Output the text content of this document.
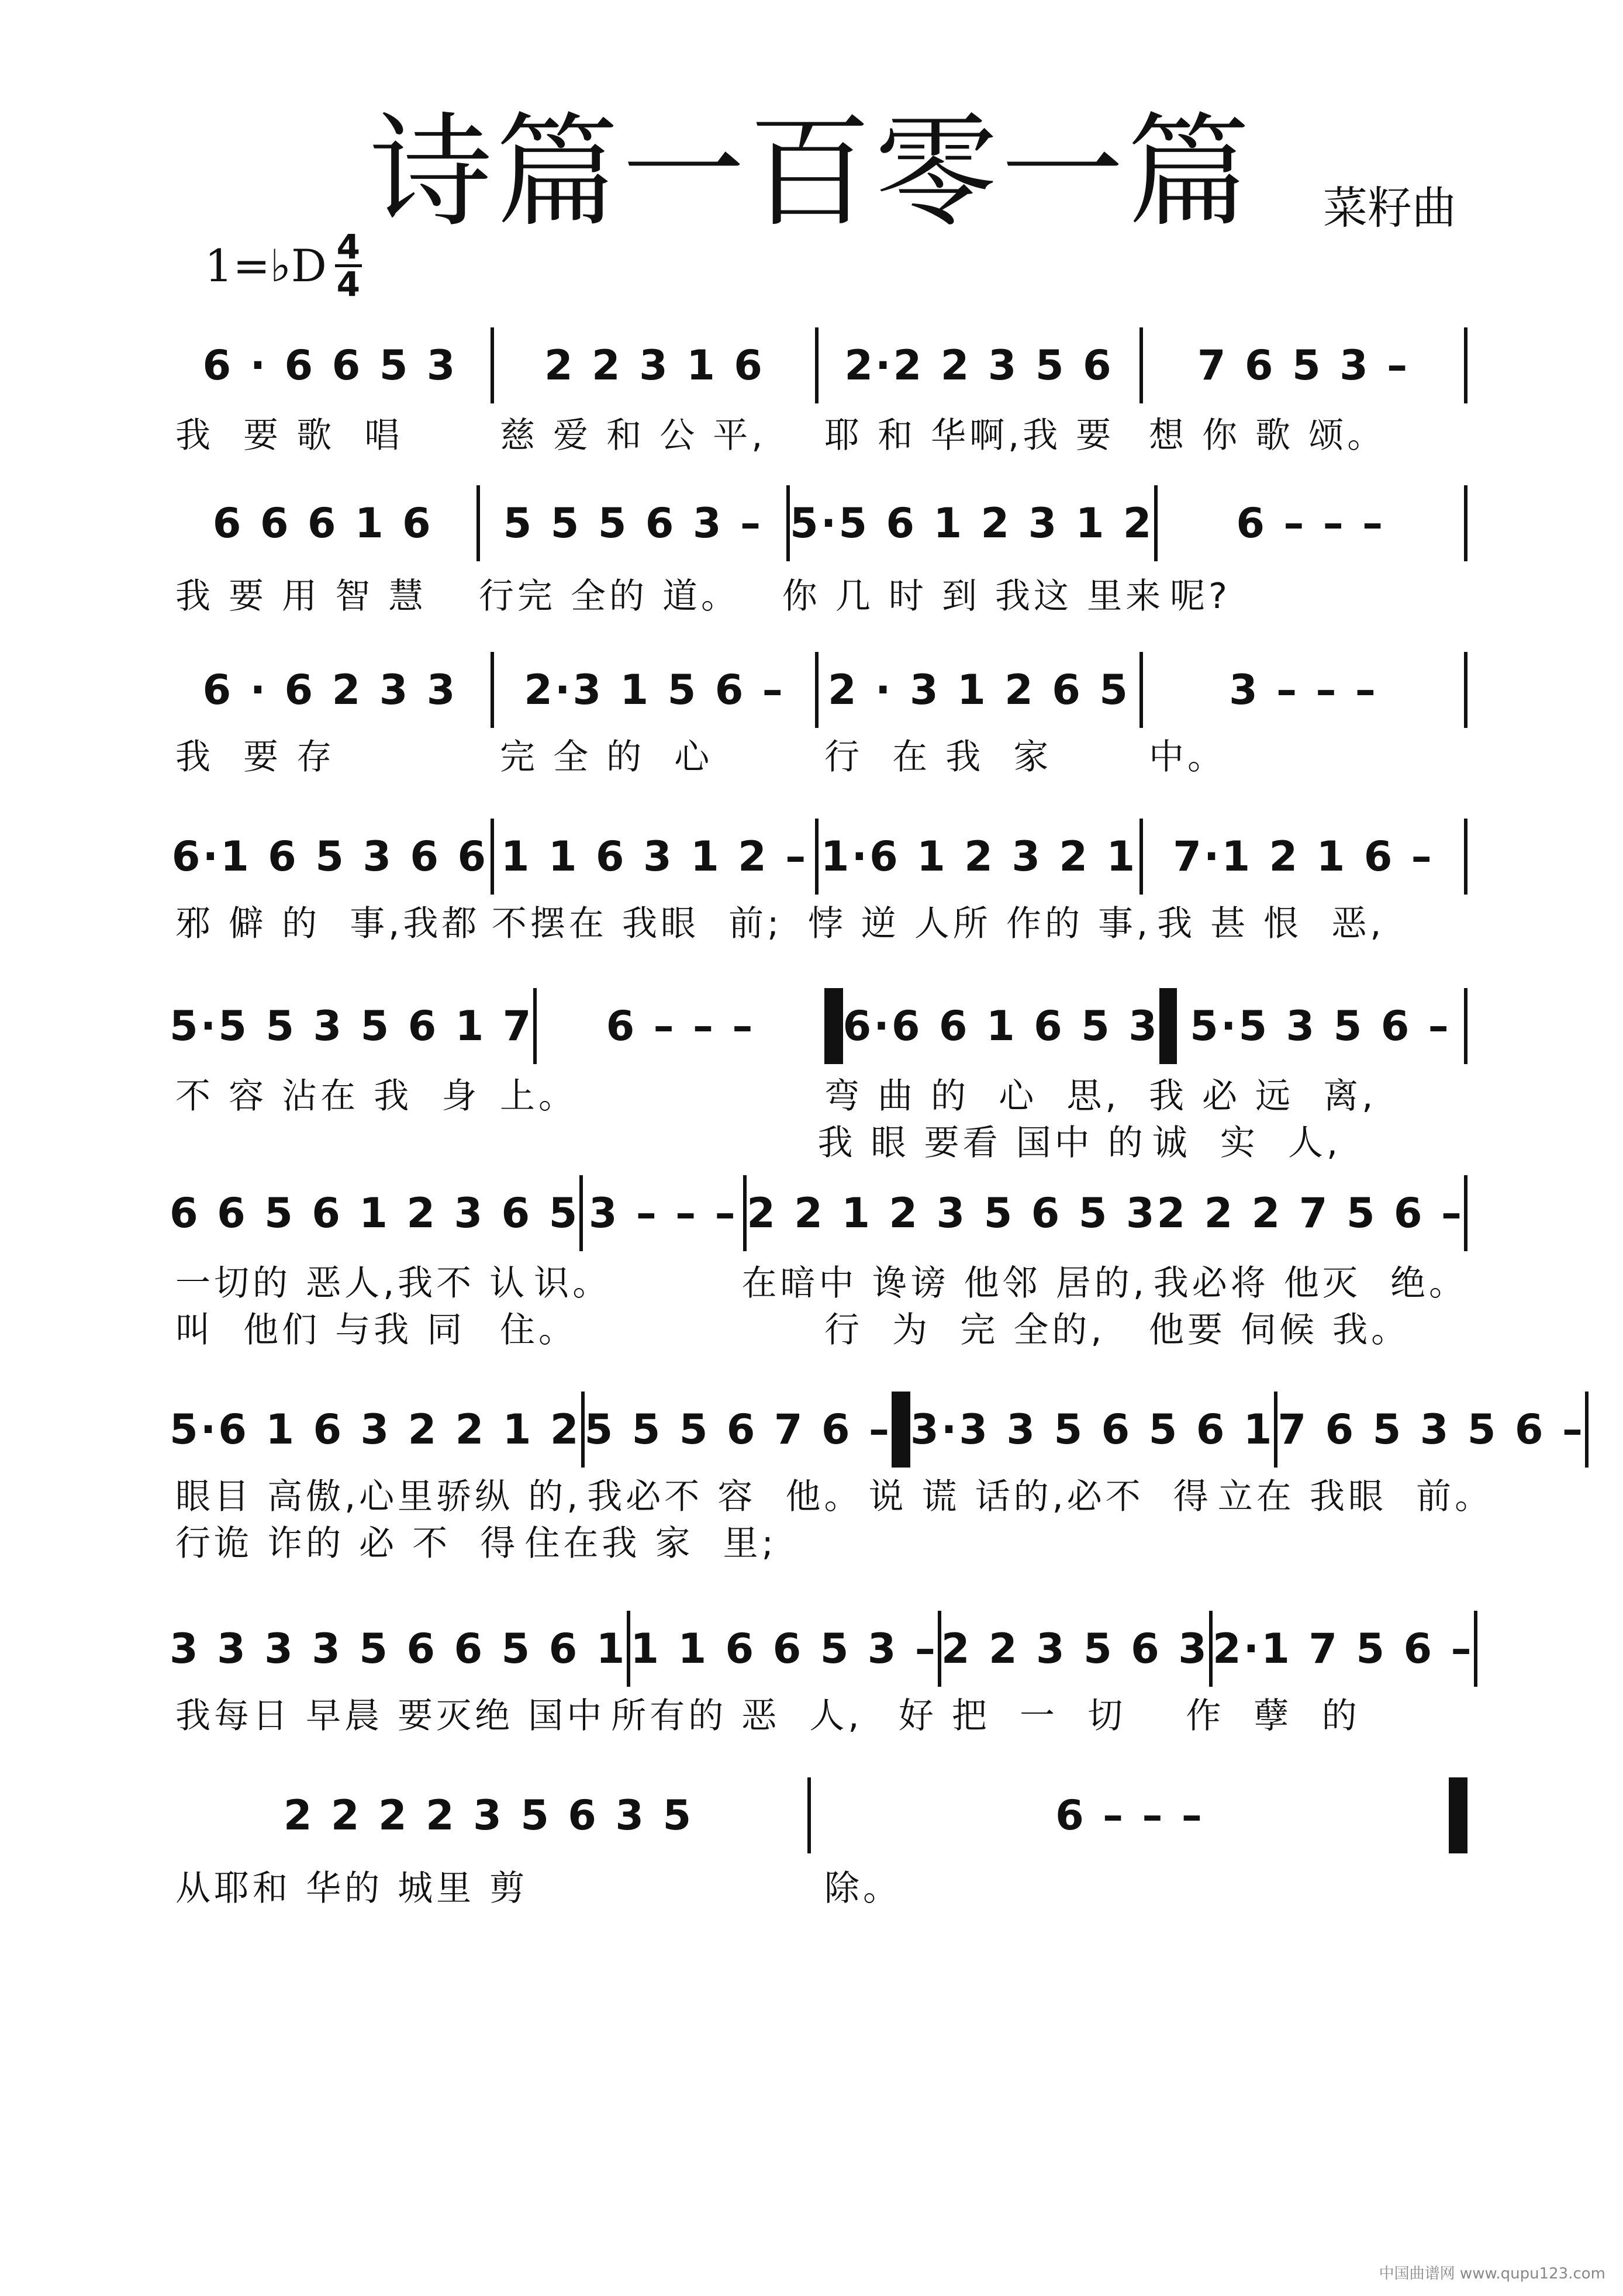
诗篇一百零一篇	菜籽曲
1=♭D 4
4
6 · 6 6 5 3	2 2 3 1 6	2·2 2 3 5 6	7 6 5 3 –
我  要 歌  唱	慈 爱 和 公 平,	耶 和 华啊,我 要 想 你 歌 颂。
6 6 6 1 6	5 5 5 6 3 – 5·5 6 1 2 3 1 2	6 – – –
我 要 用 智 慧	行完 全的 道。	你 几 时 到 我这 里来 呢?
6 · 6 2 3 3	2·3 1 5 6 –	2 · 3 1 2 6 5	3 – – –
我  要 存	完 全 的  心	行  在 我  家	中。
6·1 6 5 3 6 6 1 1 6 3 1 2 – 1·6 1 2 3 2 1 7·1 2 1 6 –
邪 僻 的  事,我都 不摆在 我眼  前; 悖 逆 人所 作的 事, 我 甚 恨  恶,
5·5 5 3 5 6 1 7	6 – – –	6·6 6 1 6 5 3 5·5 3 5 6 –
不 容 沾在 我  身 上。	弯 曲 的  心  思, 我 必 远  离,
我 眼 要看 国中 的 诚  实  人,
6 6 5 6 1 2 3 6 5 3 – – – 2 2 1 2 3 5 6 5 3 2 2 2 7 5 6 –
一切的 恶人,我不 认 识。	在暗中 谗谤 他邻 居的, 我必将 他灭  绝。
叫  他们 与我 同 住。	行  为  完 全的,	他要 伺候 我。
5·6 1 6 3 2 2 1 2 5 5 5 6 7 6 – 3·3 3 5 6 5 6 1 7 6 5 3 5 6 –
眼目 高傲,心里骄纵 的, 我必不 容  他。 说 谎 话的,必不  得 立在 我眼  前。
行诡 诈的 必 不  得 住在我 家  里;
3 3 3 3 5 6 6 5 6 1 1 1 6 6 5 3 – 2 2 3 5 6 3 2·1 7 5 6 –
我每日 早晨 要灭绝 国中 所有的 恶  人,	好 把  一  切	作  孽  的
2 2 2 2 3 5 6 3 5	6 – – –
从耶和 华的 城里 剪	除。
中国曲谱网 www.qupu123.com
